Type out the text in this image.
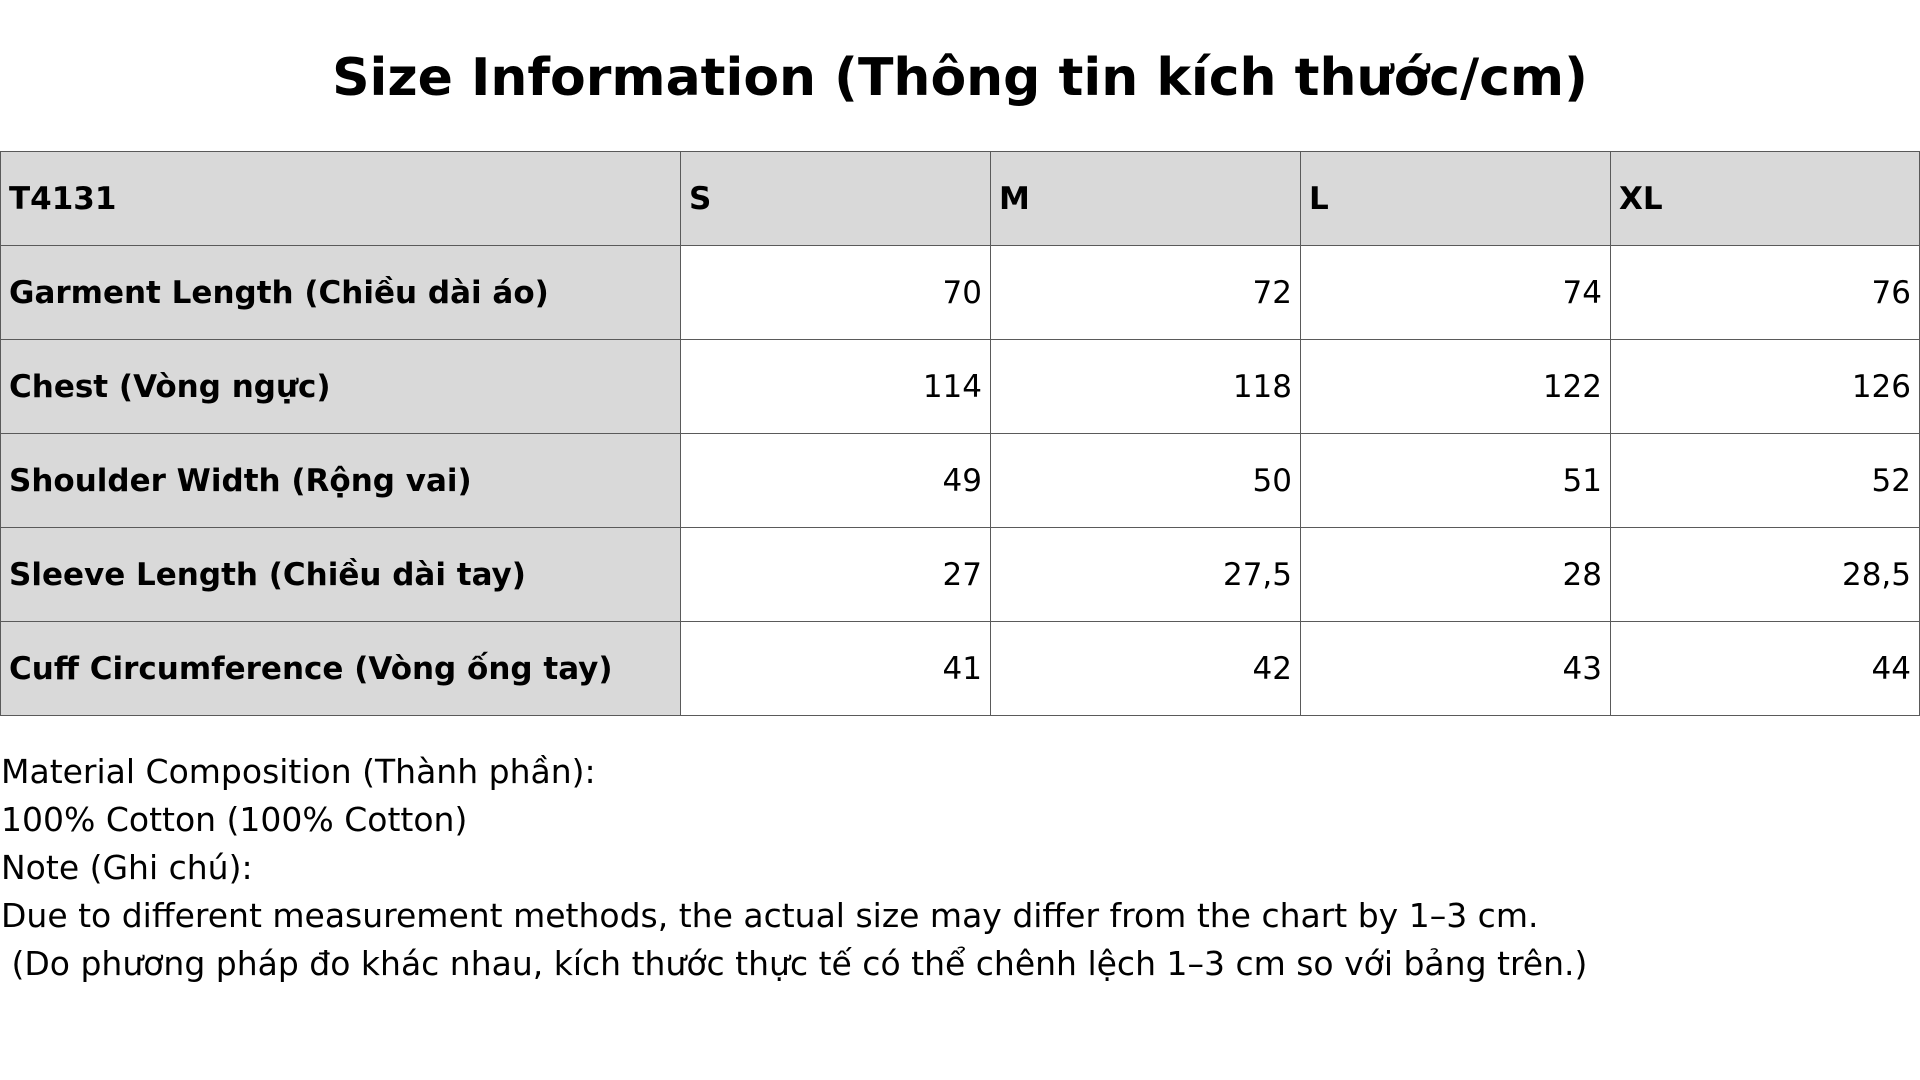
Size Information (Thông tin kích thước/cm)
T4131	S	M	L	XL
Garment Length (Chiều dài áo)	70	72	74	76
Chest (Vòng ngực)	114	118	122	126
Shoulder Width (Rộng vai)	49	50	51	52
Sleeve Length (Chiều dài tay)	27	27,5	28	28,5
Cuff Circumference (Vòng ống tay)	41	42	43	44
Material Composition (Thành phần):
100% Cotton (100% Cotton)
Note (Ghi chú):
Due to different measurement methods, the actual size may differ from the chart by 1–3 cm.
(Do phương pháp đo khác nhau, kích thước thực tế có thể chênh lệch 1–3 cm so với bảng trên.)
